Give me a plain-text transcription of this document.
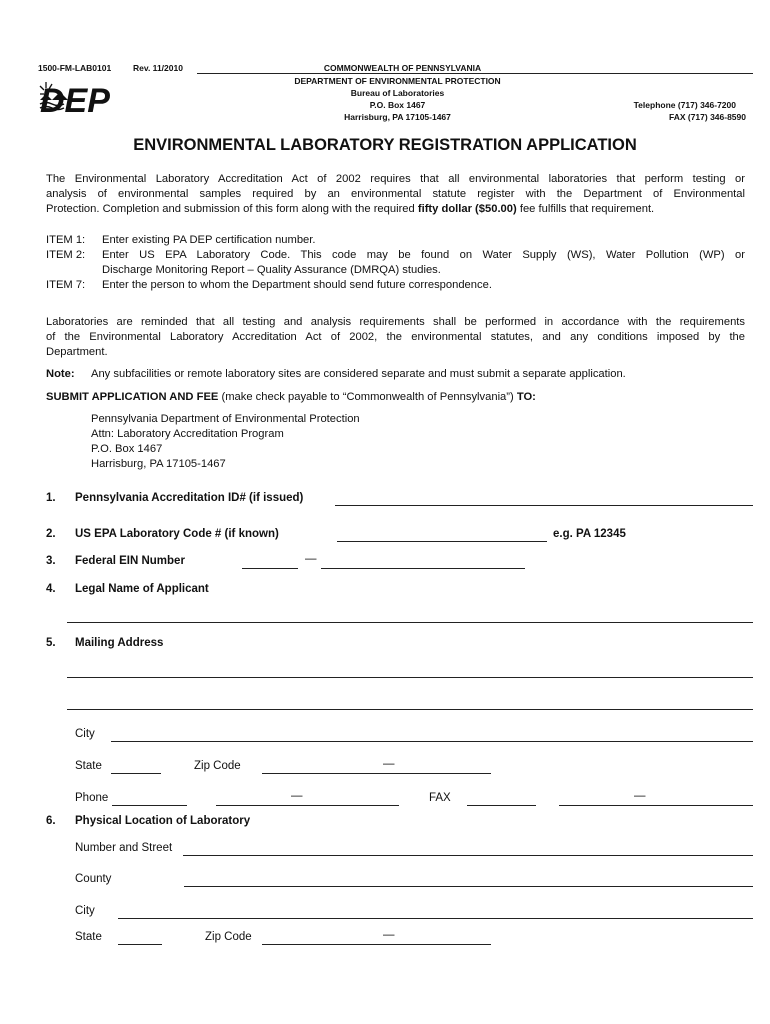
1500-FM-LAB0101	Rev. 11/2010	COMMONWEALTH OF PENNSYLVANIA
DEPARTMENT OF ENVIRONMENTAL PROTECTION
Bureau of Laboratories
P.O. Box 1467
Harrisburg, PA 17105-1467
Telephone (717) 346-7200
FAX (717) 346-8590
DEP
ENVIRONMENTAL LABORATORY REGISTRATION APPLICATION
The Environmental Laboratory Accreditation Act of 2002 requires that all environmental laboratories that perform testing or
analysis of environmental samples required by an environmental statute register with the Department of Environmental
Protection. Completion and submission of this form along with the required fifty dollar ($50.00) fee fulfills that requirement.
ITEM 1: Enter existing PA DEP certification number.
ITEM 2: Enter US EPA Laboratory Code. This code may be found on Water Supply (WS), Water Pollution (WP) or
Discharge Monitoring Report – Quality Assurance (DMRQA) studies.
ITEM 7: Enter the person to whom the Department should send future correspondence.
Laboratories are reminded that all testing and analysis requirements shall be performed in accordance with the requirements
of the Environmental Laboratory Accreditation Act of 2002, the environmental statutes, and any conditions imposed by the
Department.
Note: Any subfacilities or remote laboratory sites are considered separate and must submit a separate application.
SUBMIT APPLICATION AND FEE (make check payable to “Commonwealth of Pennsylvania”) TO:
Pennsylvania Department of Environmental Protection
Attn: Laboratory Accreditation Program
P.O. Box 1467
Harrisburg, PA 17105-1467
1. Pennsylvania Accreditation ID# (if issued)
2. US EPA Laboratory Code # (if known)	e.g. PA 12345
3. Federal EIN Number	—
4. Legal Name of Applicant
5. Mailing Address
City
State	Zip Code	—
Phone	—	FAX	—
6. Physical Location of Laboratory
Number and Street
County
City
State	Zip Code	—
